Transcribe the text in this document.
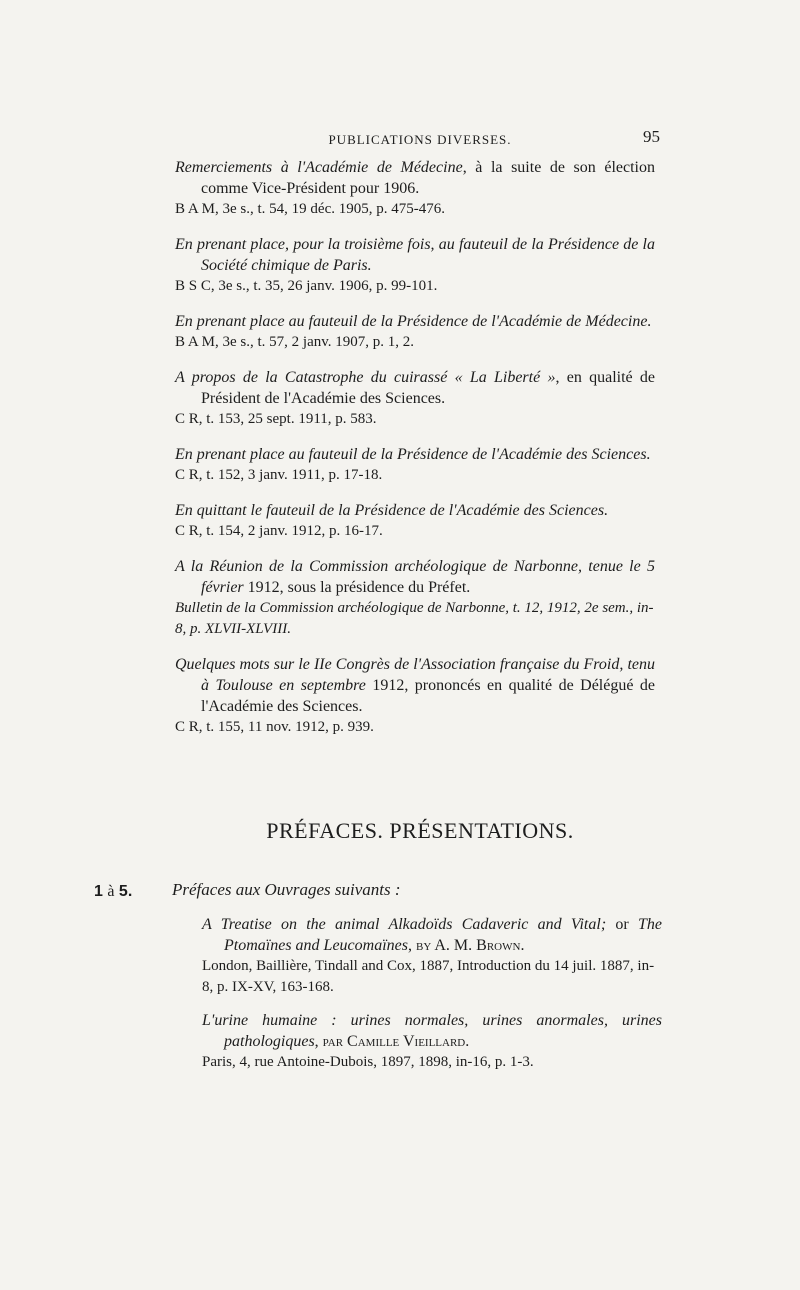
PUBLICATIONS DIVERSES.	95
Remerciements à l'Académie de Médecine, à la suite de son élection comme Vice-Président pour 1906.
B A M, 3e s., t. 54, 19 déc. 1905, p. 475-476.
En prenant place, pour la troisième fois, au fauteuil de la Présidence de la Société chimique de Paris.
B S C, 3e s., t. 35, 26 janv. 1906, p. 99-101.
En prenant place au fauteuil de la Présidence de l'Académie de Médecine.
B A M, 3e s., t. 57, 2 janv. 1907, p. 1, 2.
A propos de la Catastrophe du cuirassé « La Liberté », en qualité de Président de l'Académie des Sciences.
C R, t. 153, 25 sept. 1911, p. 583.
En prenant place au fauteuil de la Présidence de l'Académie des Sciences.
C R, t. 152, 3 janv. 1911, p. 17-18.
En quittant le fauteuil de la Présidence de l'Académie des Sciences.
C R, t. 154, 2 janv. 1912, p. 16-17.
A la Réunion de la Commission archéologique de Narbonne, tenue le 5 février 1912, sous la présidence du Préfet.
Bulletin de la Commission archéologique de Narbonne, t. 12, 1912, 2e sem., in-8, p. XLVII-XLVIII.
Quelques mots sur le IIe Congrès de l'Association française du Froid, tenu à Toulouse en septembre 1912, prononcés en qualité de Délégué de l'Académie des Sciences.
C R, t. 155, 11 nov. 1912, p. 939.
PRÉFACES. PRÉSENTATIONS.
1 à 5.	Préfaces aux Ouvrages suivants :
A Treatise on the animal Alkadoïds Cadaveric and Vital; or The Ptomaïnes and Leucomaïnes, by A. M. Brown.
London, Baillière, Tindall and Cox, 1887, Introduction du 14 juil. 1887, in-8, p. IX-XV, 163-168.
L'urine humaine : urines normales, urines anormales, urines pathologiques, par Camille Vieillard.
Paris, 4, rue Antoine-Dubois, 1897, 1898, in-16, p. 1-3.
